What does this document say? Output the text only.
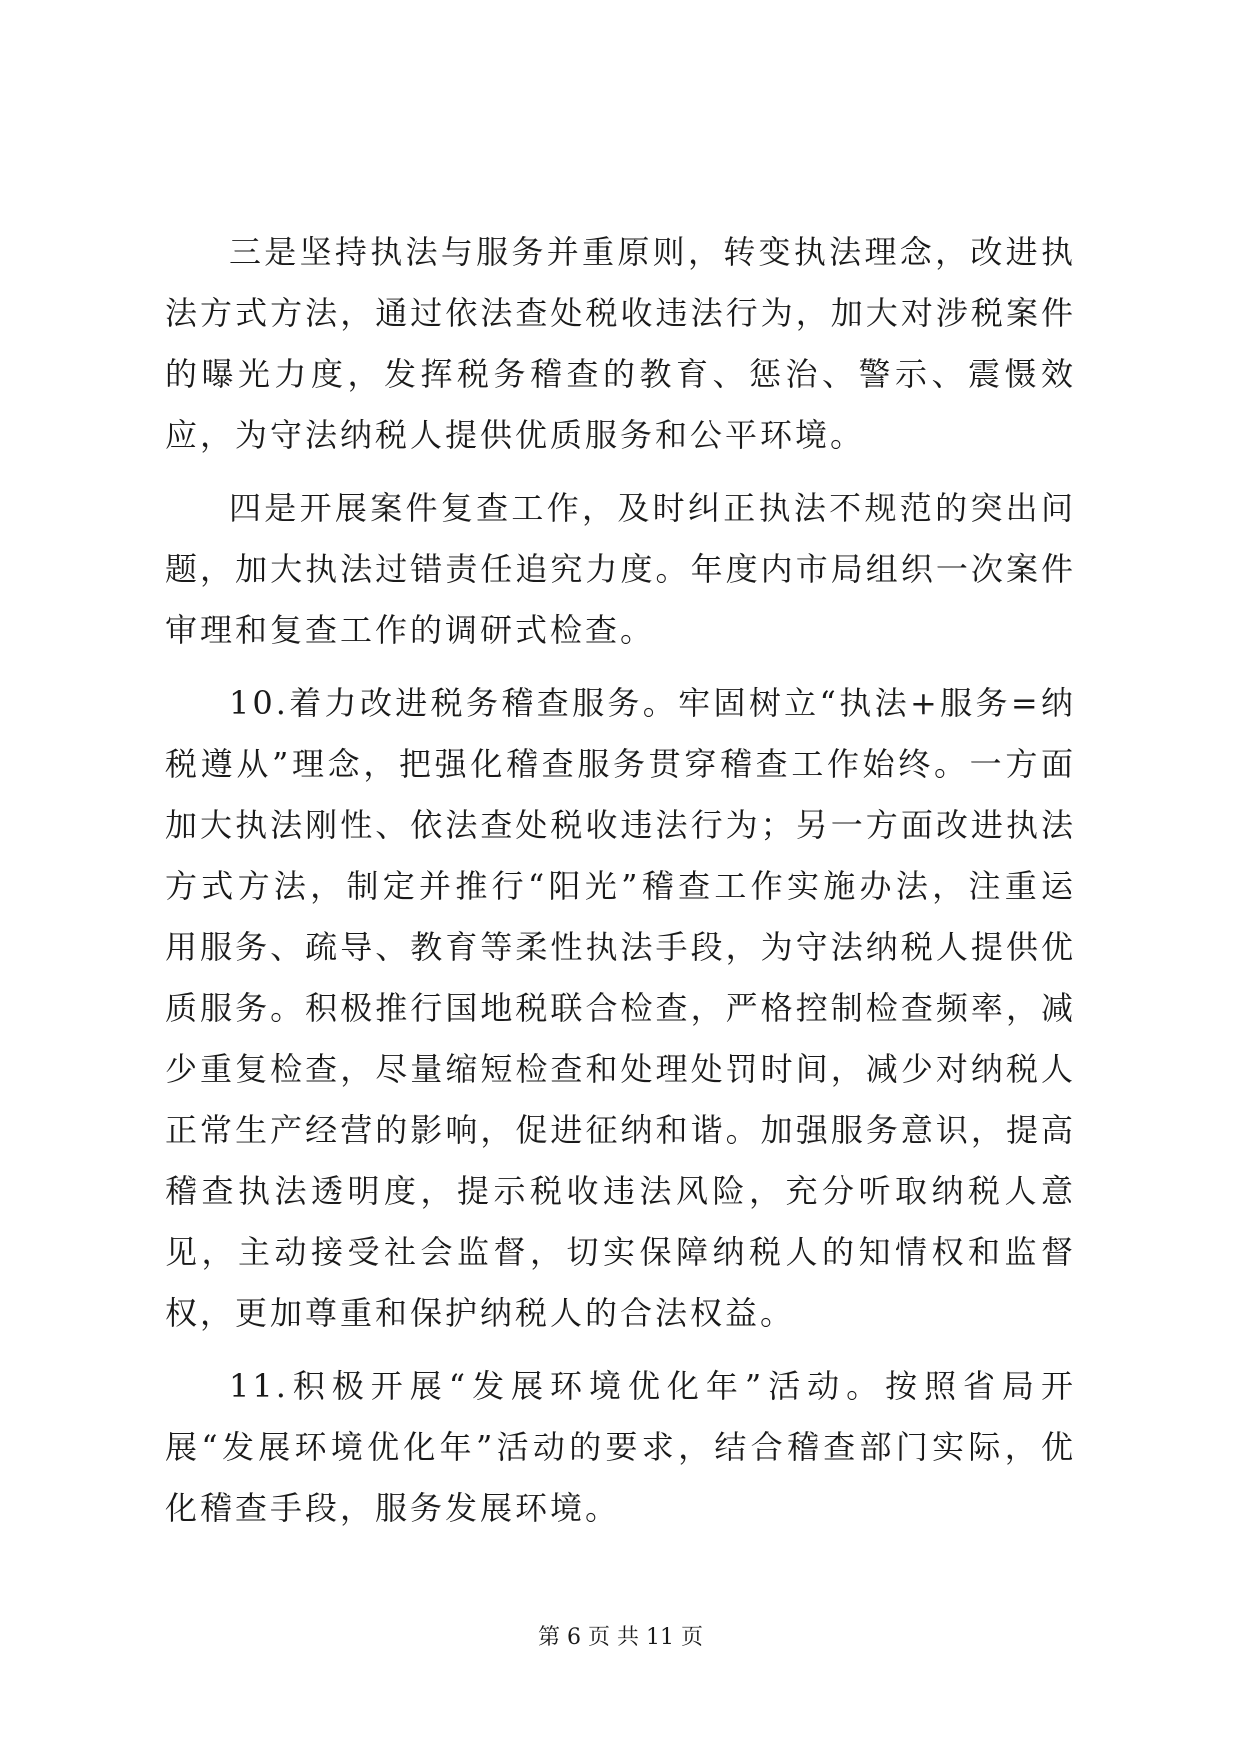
三是坚持执法与服务并重原则，转变执法理念，改进执法方式方法，通过依法查处税收违法行为，加大对涉税案件的曝光力度，发挥税务稽查的教育、惩治、警示、震慑效应，为守法纳税人提供优质服务和公平环境。

四是开展案件复查工作，及时纠正执法不规范的突出问题，加大执法过错责任追究力度。年度内市局组织一次案件审理和复查工作的调研式检查。

10.着力改进税务稽查服务。牢固树立“执法+服务=纳税遵从”理念，把强化稽查服务贯穿稽查工作始终。一方面加大执法刚性、依法查处税收违法行为；另一方面改进执法方式方法，制定并推行“阳光”稽查工作实施办法，注重运用服务、疏导、教育等柔性执法手段，为守法纳税人提供优质服务。积极推行国地税联合检查，严格控制检查频率，减少重复检查，尽量缩短检查和处理处罚时间，减少对纳税人正常生产经营的影响，促进征纳和谐。加强服务意识，提高稽查执法透明度，提示税收违法风险，充分听取纳税人意见，主动接受社会监督，切实保障纳税人的知情权和监督权，更加尊重和保护纳税人的合法权益。

11.积极开展“发展环境优化年”活动。按照省局开展“发展环境优化年”活动的要求，结合稽查部门实际，优化稽查手段，服务发展环境。

第 6 页 共 11 页
